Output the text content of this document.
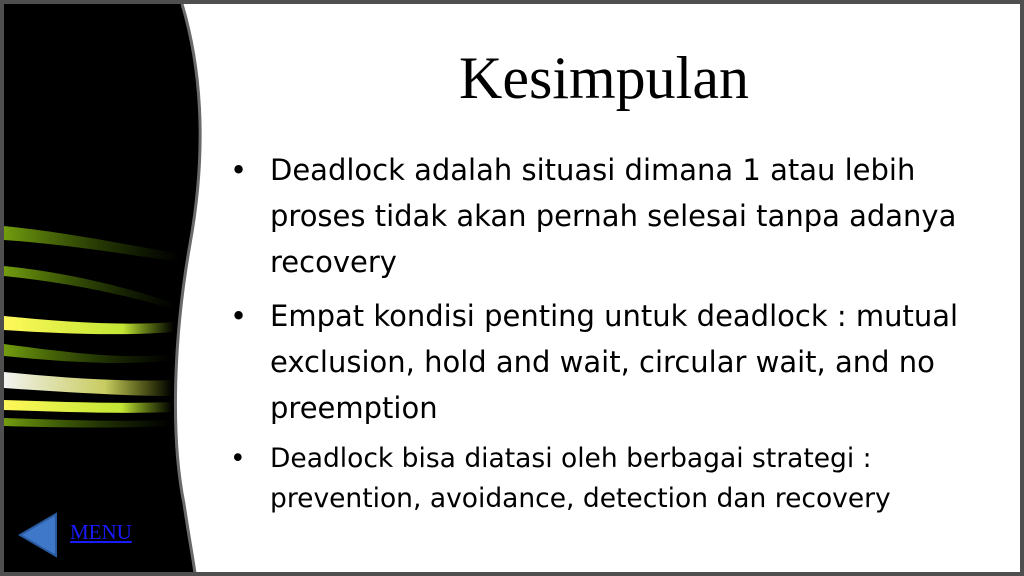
Kesimpulan
• Deadlock adalah situasi dimana 1 atau lebih proses tidak akan pernah selesai tanpa adanya recovery
• Empat kondisi penting untuk deadlock : mutual exclusion, hold and wait, circular wait, and no preemption
• Deadlock bisa diatasi oleh berbagai strategi : prevention, avoidance, detection dan recovery
MENU
